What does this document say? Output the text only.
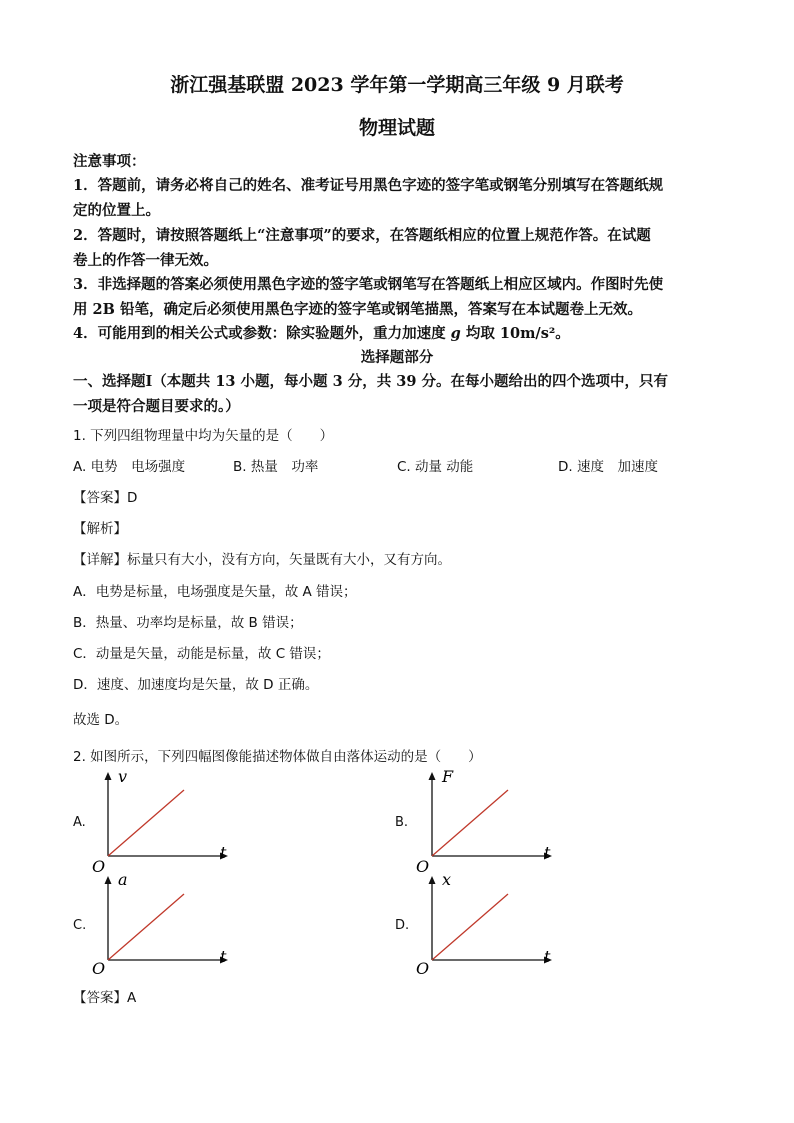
浙江强基联盟 2023 学年第一学期高三年级 9 月联考
物理试题
注意事项：
1．答题前，请务必将自己的姓名、准考证号用黑色字迹的签字笔或钢笔分别填写在答题纸规
定的位置上。
2．答题时，请按照答题纸上“注意事项”的要求，在答题纸相应的位置上规范作答。在试题
卷上的作答一律无效。
3．非选择题的答案必须使用黑色字迹的签字笔或钢笔写在答题纸上相应区域内。作图时先使
用 2B 铅笔，确定后必须使用黑色字迹的签字笔或钢笔描黑，答案写在本试题卷上无效。
4．可能用到的相关公式或参数：除实验题外，重力加速度 g 均取 10m/s²。
选择题部分
一、选择题Ⅰ（本题共 13 小题，每小题 3 分，共 39 分。在每小题给出的四个选项中，只有
一项是符合题目要求的。）
1. 下列四组物理量中均为矢量的是（　　）
A. 电势　电场强度	B. 热量　功率	C. 动量 动能	D. 速度　加速度
【答案】D
【解析】
【详解】标量只有大小，没有方向，矢量既有大小，又有方向。
A．电势是标量，电场强度是矢量，故 A 错误；
B．热量、功率均是标量，故 B 错误；
C．动量是矢量，动能是标量，故 C 错误；
D．速度、加速度均是矢量，故 D 正确。
故选 D。
2. 如图所示，下列四幅图像能描述物体做自由落体运动的是（　　）
A.
v
t
O
B.
F
t
O
C.
a
t
O
D.
x
t
O
【答案】A
